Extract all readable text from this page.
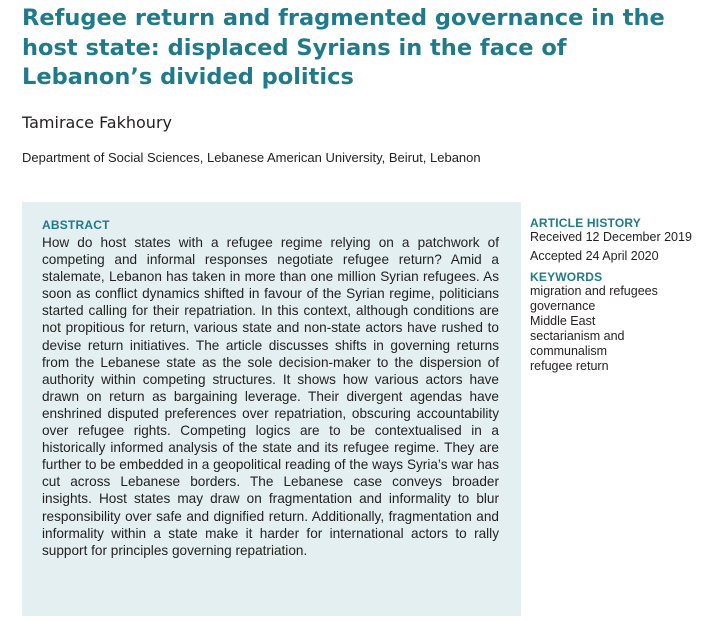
Refugee return and fragmented governance in the host state: displaced Syrians in the face of Lebanon’s divided politics

Tamirace Fakhoury

Department of Social Sciences, Lebanese American University, Beirut, Lebanon

ABSTRACT

How do host states with a refugee regime relying on a patchwork of competing and informal responses negotiate refugee return? Amid a stalemate, Lebanon has taken in more than one million Syrian refugees. As soon as conflict dynamics shifted in favour of the Syrian regime, politicians started calling for their repatriation. In this context, although conditions are not propitious for return, various state and non-state actors have rushed to devise return initiatives. The article discusses shifts in governing returns from the Lebanese state as the sole decision-maker to the dispersion of authority within competing structures. It shows how various actors have drawn on return as bargaining leverage. Their divergent agendas have enshrined disputed preferences over repatriation, obscuring accountability over refugee rights. Competing logics are to be contextualised in a historically informed analysis of the state and its refugee regime. They are further to be embedded in a geopolitical reading of the ways Syria’s war has cut across Lebanese borders. The Lebanese case conveys broader insights. Host states may draw on fragmentation and informality to blur responsibility over safe and dignified return. Additionally, fragmentation and informality within a state make it harder for international actors to rally support for principles governing repatriation.

ARTICLE HISTORY

Received 12 December 2019

Accepted 24 April 2020

KEYWORDS

migration and refugees governance

Middle East

sectarianism and communalism

refugee return
